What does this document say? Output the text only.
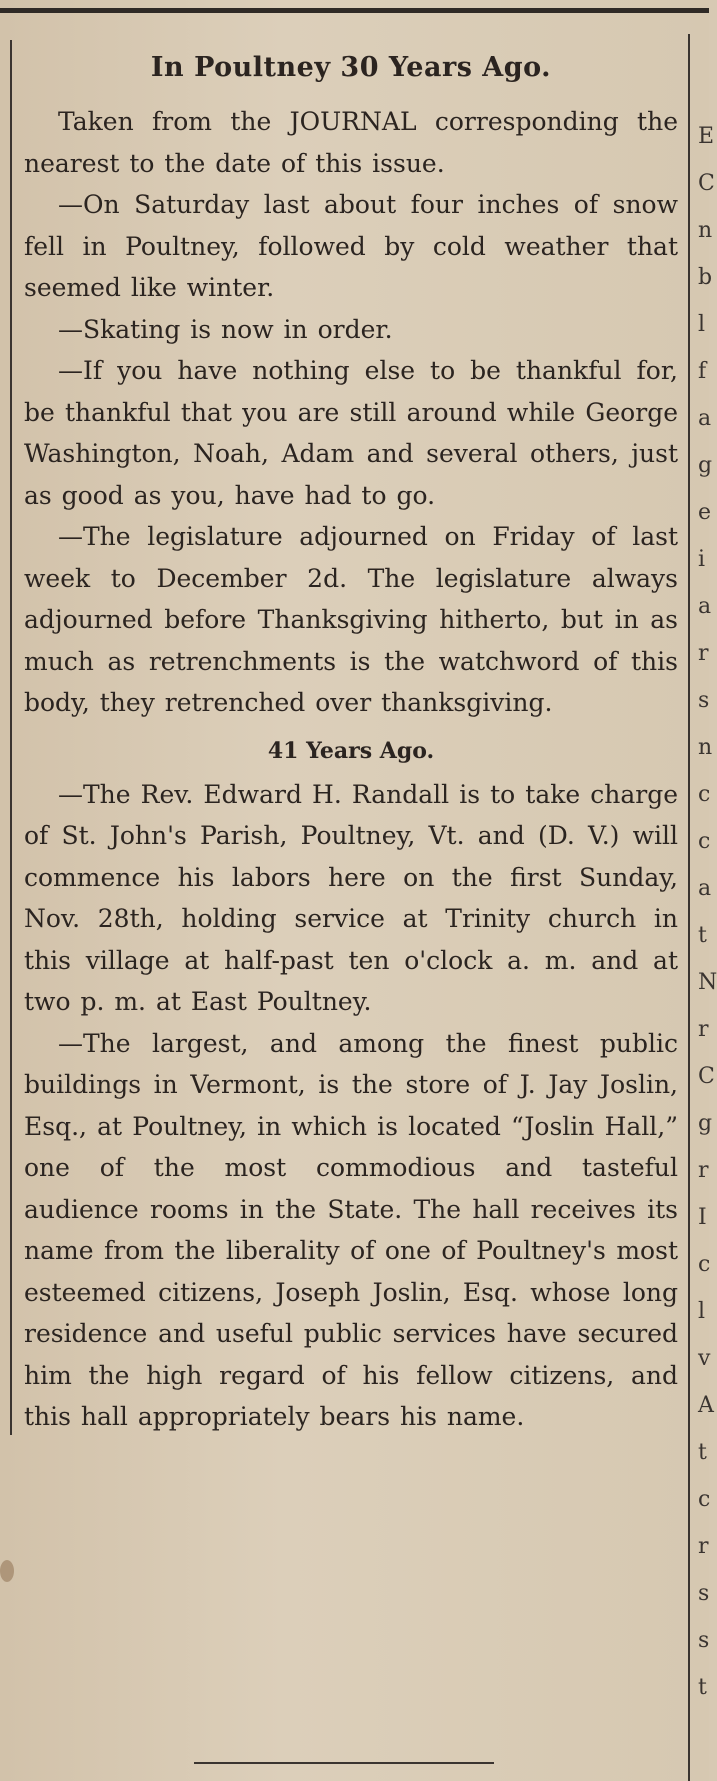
E
C
n
b
l
f
a
g
e
i
a
r
s
n
c
c
a
t
N
r
C
g
r
I
c
l
v
A
t
c
r
s
s
t
In Poultney 30 Years Ago.

Taken from the JOURNAL corresponding the nearest to the date of this issue.

—On Saturday last about four inches of snow fell in Poultney, followed by cold weather that seemed like winter.

—Skating is now in order.

—If you have nothing else to be thankful for, be thankful that you are still around while George Washington, Noah, Adam and several others, just as good as you, have had to go.

—The legislature adjourned on Friday of last week to December 2d. The legislature always adjourned before Thanksgiving hitherto, but in as much as retrenchments is the watchword of this body, they retrenched over thanksgiving.

41 Years Ago.

—The Rev. Edward H. Randall is to take charge of St. John's Parish, Poultney, Vt. and (D. V.) will commence his labors here on the first Sunday, Nov. 28th, holding service at Trinity church in this village at half-past ten o'clock a. m. and at two p. m. at East Poultney.

—The largest, and among the finest public buildings in Vermont, is the store of J. Jay Joslin, Esq., at Poultney, in which is located “Joslin Hall,” one of the most commodious and tasteful audience rooms in the State. The hall receives its name from the liberality of one of Poultney's most esteemed citizens, Joseph Joslin, Esq. whose long residence and useful public services have secured him the high regard of his fellow citizens, and this hall appropriately bears his name.
